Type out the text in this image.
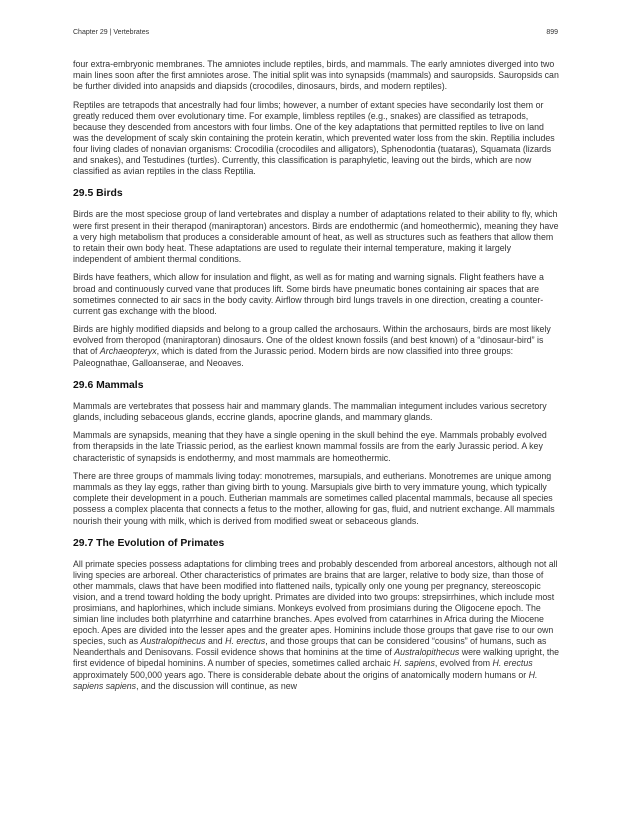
Chapter 29 | Vertebrates	899

four extra-embryonic membranes. The amniotes include reptiles, birds, and mammals. The early amniotes diverged into two main lines soon after the first amniotes arose. The initial split was into synapsids (mammals) and sauropsids. Sauropsids can be further divided into anapsids and diapsids (crocodiles, dinosaurs, birds, and modern reptiles).

Reptiles are tetrapods that ancestrally had four limbs; however, a number of extant species have secondarily lost them or greatly reduced them over evolutionary time. For example, limbless reptiles (e.g., snakes) are classified as tetrapods, because they descended from ancestors with four limbs. One of the key adaptations that permitted reptiles to live on land was the development of scaly skin containing the protein keratin, which prevented water loss from the skin. Reptilia includes four living clades of nonavian organisms: Crocodilia (crocodiles and alligators), Sphenodontia (tuataras), Squamata (lizards and snakes), and Testudines (turtles). Currently, this classification is paraphyletic, leaving out the birds, which are now classified as avian reptiles in the class Reptilia.

29.5 Birds

Birds are the most speciose group of land vertebrates and display a number of adaptations related to their ability to fly, which were first present in their therapod (maniraptoran) ancestors. Birds are endothermic (and homeothermic), meaning they have a very high metabolism that produces a considerable amount of heat, as well as structures such as feathers that allow them to retain their own body heat. These adaptations are used to regulate their internal temperature, making it largely independent of ambient thermal conditions.

Birds have feathers, which allow for insulation and flight, as well as for mating and warning signals. Flight feathers have a broad and continuously curved vane that produces lift. Some birds have pneumatic bones containing air spaces that are sometimes connected to air sacs in the body cavity. Airflow through bird lungs travels in one direction, creating a counter-current gas exchange with the blood.

Birds are highly modified diapsids and belong to a group called the archosaurs. Within the archosaurs, birds are most likely evolved from theropod (maniraptoran) dinosaurs. One of the oldest known fossils (and best known) of a “dinosaur-bird” is that of Archaeopteryx, which is dated from the Jurassic period. Modern birds are now classified into three groups: Paleognathae, Galloanserae, and Neoaves.

29.6 Mammals

Mammals are vertebrates that possess hair and mammary glands. The mammalian integument includes various secretory glands, including sebaceous glands, eccrine glands, apocrine glands, and mammary glands.

Mammals are synapsids, meaning that they have a single opening in the skull behind the eye. Mammals probably evolved from therapsids in the late Triassic period, as the earliest known mammal fossils are from the early Jurassic period. A key characteristic of synapsids is endothermy, and most mammals are homeothermic.

There are three groups of mammals living today: monotremes, marsupials, and eutherians. Monotremes are unique among mammals as they lay eggs, rather than giving birth to young. Marsupials give birth to very immature young, which typically complete their development in a pouch. Eutherian mammals are sometimes called placental mammals, because all species possess a complex placenta that connects a fetus to the mother, allowing for gas, fluid, and nutrient exchange. All mammals nourish their young with milk, which is derived from modified sweat or sebaceous glands.

29.7 The Evolution of Primates

All primate species possess adaptations for climbing trees and probably descended from arboreal ancestors, although not all living species are arboreal. Other characteristics of primates are brains that are larger, relative to body size, than those of other mammals, claws that have been modified into flattened nails, typically only one young per pregnancy, stereoscopic vision, and a trend toward holding the body upright. Primates are divided into two groups: strepsirrhines, which include most prosimians, and haplorhines, which include simians. Monkeys evolved from prosimians during the Oligocene epoch. The simian line includes both platyrrhine and catarrhine branches. Apes evolved from catarrhines in Africa during the Miocene epoch. Apes are divided into the lesser apes and the greater apes. Hominins include those groups that gave rise to our own species, such as Australopithecus and H. erectus, and those groups that can be considered “cousins” of humans, such as Neanderthals and Denisovans. Fossil evidence shows that hominins at the time of Australopithecus were walking upright, the first evidence of bipedal hominins. A number of species, sometimes called archaic H. sapiens, evolved from H. erectus approximately 500,000 years ago. There is considerable debate about the origins of anatomically modern humans or H. sapiens sapiens, and the discussion will continue, as new
